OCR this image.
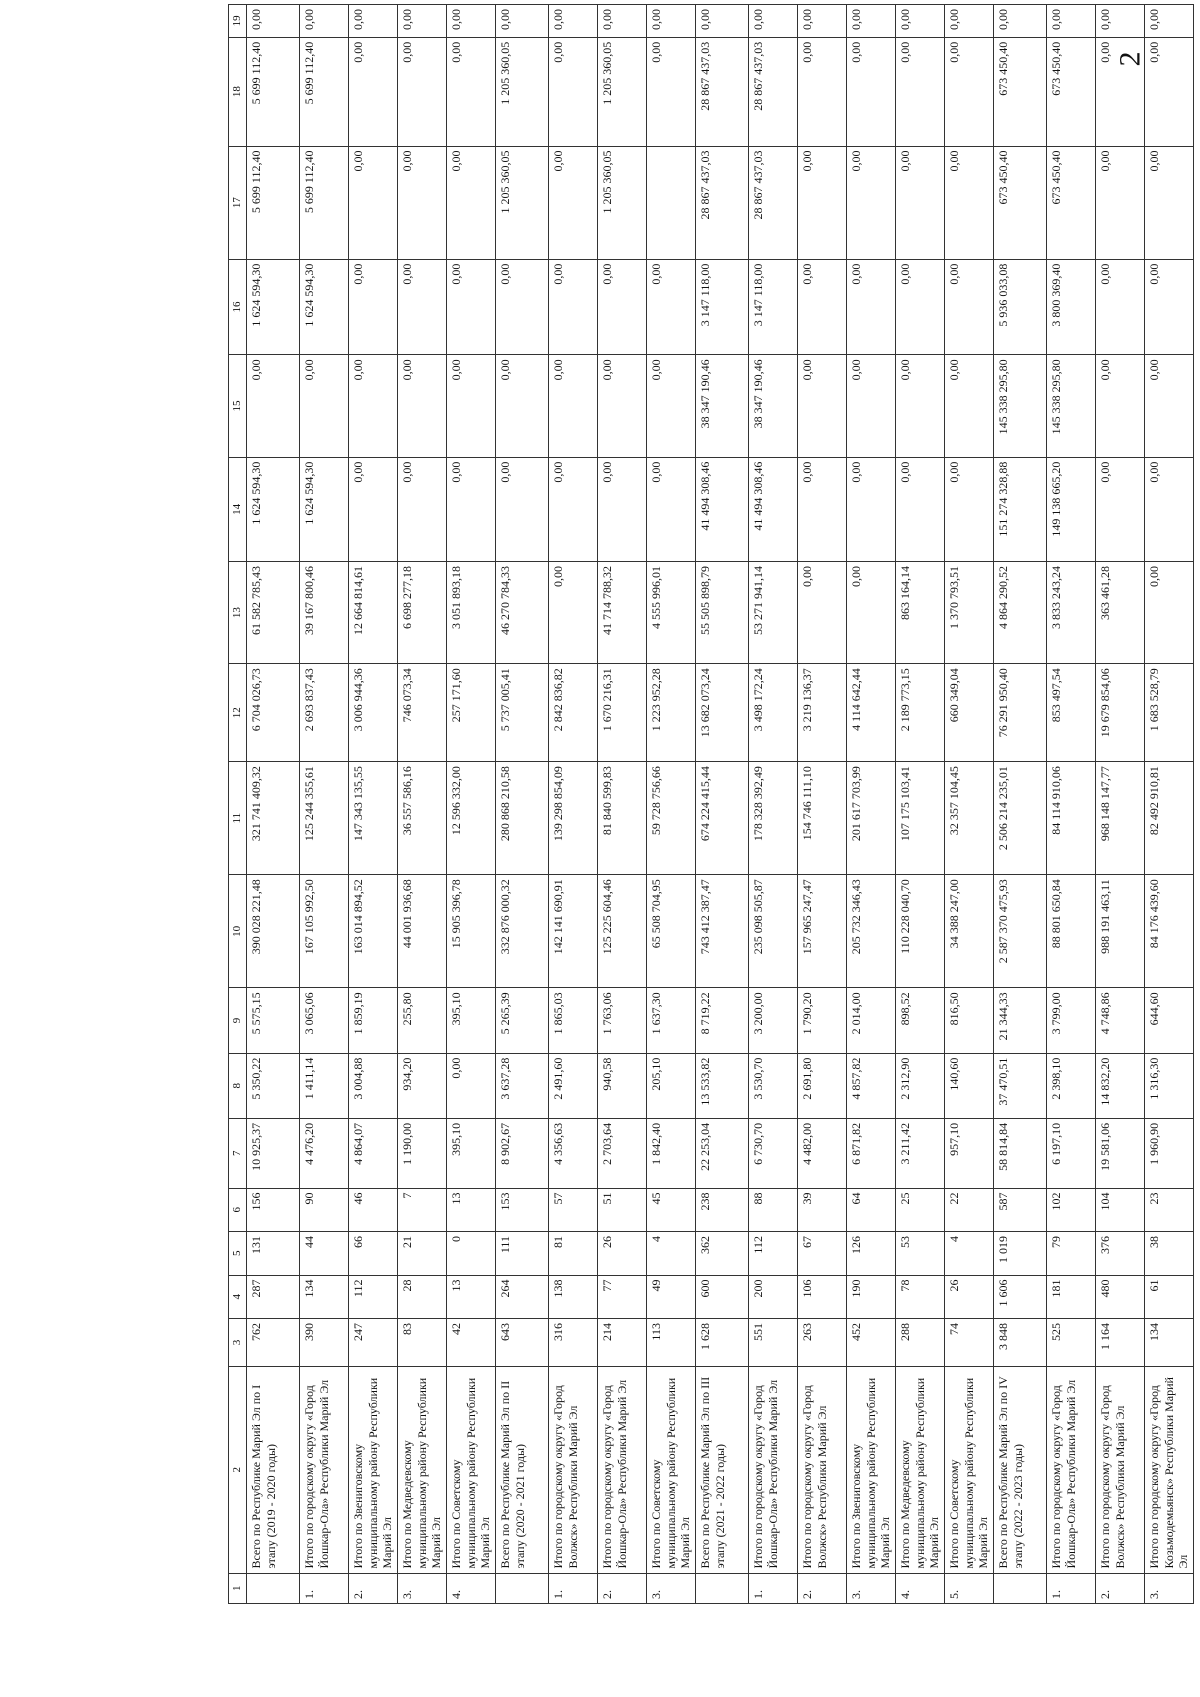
2
1	2	3	4	5	6	7	8	9	10	11	12	13	14	15	16	17	18	19
	Всего по Республике Марий Эл по I этапу (2019 - 2020 годы)	762	287	131	156	10 925,37	5 350,22	5 575,15	390 028 221,48	321 741 409,32	6 704 026,73	61 582 785,43	1 624 594,30	0,00	1 624 594,30	5 699 112,40	5 699 112,40	0,00
1.	Итого по городскому округу «Город Йошкар-Ола» Республики Марий Эл	390	134	44	90	4 476,20	1 411,14	3 065,06	167 105 992,50	125 244 355,61	2 693 837,43	39 167 800,46	1 624 594,30	0,00	1 624 594,30	5 699 112,40	5 699 112,40	0,00
2.	Итого по Звениговскому муниципальному району Республики Марий Эл	247	112	66	46	4 864,07	3 004,88	1 859,19	163 014 894,52	147 343 135,55	3 006 944,36	12 664 814,61	0,00	0,00	0,00	0,00	0,00	0,00
3.	Итого по Медведевскому муниципальному району Республики Марий Эл	83	28	21	7	1 190,00	934,20	255,80	44 001 936,68	36 557 586,16	746 073,34	6 698 277,18	0,00	0,00	0,00	0,00	0,00	0,00
4.	Итого по Советскому муниципальному району Республики Марий Эл	42	13	0	13	395,10	0,00	395,10	15 905 396,78	12 596 332,00	257 171,60	3 051 893,18	0,00	0,00	0,00	0,00	0,00	0,00
	Всего по Республике Марий Эл по II этапу (2020 - 2021 годы)	643	264	111	153	8 902,67	3 637,28	5 265,39	332 876 000,32	280 868 210,58	5 737 005,41	46 270 784,33	0,00	0,00	0,00	1 205 360,05	1 205 360,05	0,00
1.	Итого по городскому округу «Город Волжск» Республики Марий Эл	316	138	81	57	4 356,63	2 491,60	1 865,03	142 141 690,91	139 298 854,09	2 842 836,82	0,00	0,00	0,00	0,00	0,00	0,00	0,00
2.	Итого по городскому округу «Город Йошкар-Ола» Республики Марий Эл	214	77	26	51	2 703,64	940,58	1 763,06	125 225 604,46	81 840 599,83	1 670 216,31	41 714 788,32	0,00	0,00	0,00	1 205 360,05	1 205 360,05	0,00
3.	Итого по Советскому муниципальному району Республики Марий Эл	113	49	4	45	1 842,40	205,10	1 637,30	65 508 704,95	59 728 756,66	1 223 952,28	4 555 996,01	0,00	0,00	0,00		0,00	0,00
	Всего по Республике Марий Эл по III этапу (2021 - 2022 годы)	1 628	600	362	238	22 253,04	13 533,82	8 719,22	743 412 387,47	674 224 415,44	13 682 073,24	55 505 898,79	41 494 308,46	38 347 190,46	3 147 118,00	28 867 437,03	28 867 437,03	0,00
1.	Итого по городскому округу «Город Йошкар-Ола» Республики Марий Эл	551	200	112	88	6 730,70	3 530,70	3 200,00	235 098 505,87	178 328 392,49	3 498 172,24	53 271 941,14	41 494 308,46	38 347 190,46	3 147 118,00	28 867 437,03	28 867 437,03	0,00
2.	Итого по городскому округу «Город Волжск» Республики Марий Эл	263	106	67	39	4 482,00	2 691,80	1 790,20	157 965 247,47	154 746 111,10	3 219 136,37	0,00	0,00	0,00	0,00	0,00	0,00	0,00
3.	Итого по Звениговскому муниципальному району Республики Марий Эл	452	190	126	64	6 871,82	4 857,82	2 014,00	205 732 346,43	201 617 703,99	4 114 642,44	0,00	0,00	0,00	0,00	0,00	0,00	0,00
4.	Итого по Медведевскому муниципальному району Республики Марий Эл	288	78	53	25	3 211,42	2 312,90	898,52	110 228 040,70	107 175 103,41	2 189 773,15	863 164,14	0,00	0,00	0,00	0,00	0,00	0,00
5.	Итого по Советскому муниципальному району Республики Марий Эл	74	26	4	22	957,10	140,60	816,50	34 388 247,00	32 357 104,45	660 349,04	1 370 793,51	0,00	0,00	0,00	0,00	0,00	0,00
	Всего по Республике Марий Эл по IV этапу (2022 - 2023 годы)	3 848	1 606	1 019	587	58 814,84	37 470,51	21 344,33	2 587 370 475,93	2 506 214 235,01	76 291 950,40	4 864 290,52	151 274 328,88	145 338 295,80	5 936 033,08	673 450,40	673 450,40	0,00
1.	Итого по городскому округу «Город Йошкар-Ола» Республики Марий Эл	525	181	79	102	6 197,10	2 398,10	3 799,00	88 801 650,84	84 114 910,06	853 497,54	3 833 243,24	149 138 665,20	145 338 295,80	3 800 369,40	673 450,40	673 450,40	0,00
2.	Итого по городскому округу «Город Волжск» Республики Марий Эл	1 164	480	376	104	19 581,06	14 832,20	4 748,86	988 191 463,11	968 148 147,77	19 679 854,06	363 461,28	0,00	0,00	0,00	0,00	0,00	0,00
3.	Итого по городскому округу «Город Козьмодемьянск» Республики Марий Эл	134	61	38	23	1 960,90	1 316,30	644,60	84 176 439,60	82 492 910,81	1 683 528,79	0,00	0,00	0,00	0,00	0,00	0,00	0,00
